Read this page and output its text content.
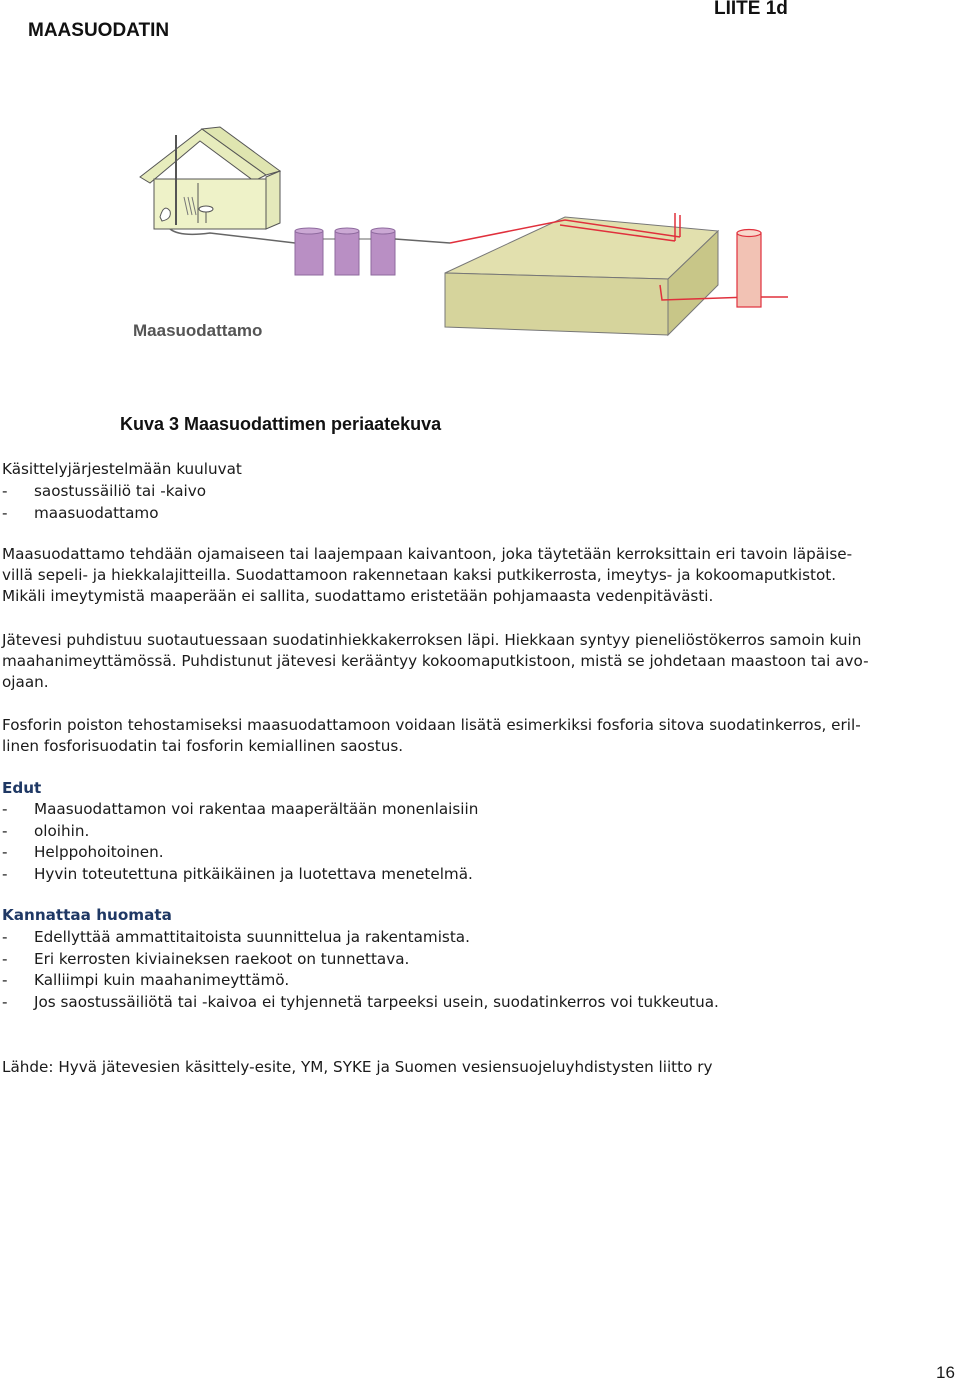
MAASUODATIN
LIITE 1d
Maasuodattamo
Kuva 3 Maasuodattimen periaatekuva
Käsittelyjärjestelmään kuuluvat
- saostussäiliö tai -kaivo
- maasuodattamo
Maasuodattamo tehdään ojamaiseen tai laajempaan kaivantoon, joka täytetään kerroksittain eri tavoin läpäise-
villä sepeli- ja hiekkalajitteilla. Suodattamoon rakennetaan kaksi putkikerrosta, imeytys- ja kokoomaputkistot.
Mikäli imeytymistä maaperään ei sallita, suodattamo eristetään pohjamaasta vedenpitävästi.
Jätevesi puhdistuu suotautuessaan suodatinhiekkakerroksen läpi. Hiekkaan syntyy pieneliöstökerros samoin kuin
maahanimeyttämössä. Puhdistunut jätevesi kerääntyy kokoomaputkistoon, mistä se johdetaan maastoon tai avo-
ojaan.
Fosforin poiston tehostamiseksi maasuodattamoon voidaan lisätä esimerkiksi fosforia sitova suodatinkerros, eril-
linen fosforisuodatin tai fosforin kemiallinen saostus.
Edut
- Maasuodattamon voi rakentaa maaperältään monenlaisiin
- oloihin.
- Helppohoitoinen.
- Hyvin toteutettuna pitkäikäinen ja luotettava menetelmä.
Kannattaa huomata
- Edellyttää ammattitaitoista suunnittelua ja rakentamista.
- Eri kerrosten kiviaineksen raekoot on tunnettava.
- Kalliimpi kuin maahanimeyttämö.
- Jos saostussäiliötä tai -kaivoa ei tyhjennetä tarpeeksi usein, suodatinkerros voi tukkeutua.
Lähde: Hyvä jätevesien käsittely-esite, YM, SYKE ja Suomen vesiensuojeluyhdistysten liitto ry
16
